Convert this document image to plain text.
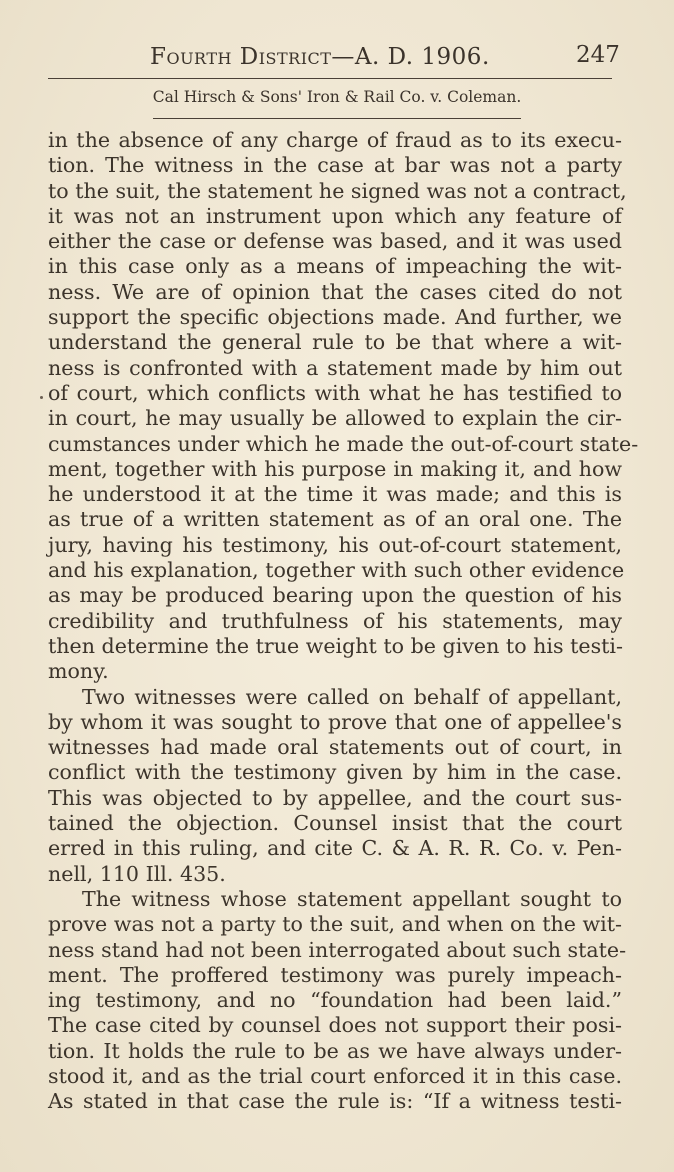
Fourth District—A. D. 1906.	247
Cal Hirsch & Sons' Iron & Rail Co. v. Coleman.
in the absence of any charge of fraud as to its execu-
tion. The witness in the case at bar was not a party
to the suit, the statement he signed was not a contract,
it was not an instrument upon which any feature of
either the case or defense was based, and it was used
in this case only as a means of impeaching the wit-
ness. We are of opinion that the cases cited do not
support the specific objections made. And further, we
understand the general rule to be that where a wit-
ness is confronted with a statement made by him out
of court, which conflicts with what he has testified to
in court, he may usually be allowed to explain the cir-
cumstances under which he made the out-of-court state-
ment, together with his purpose in making it, and how
he understood it at the time it was made; and this is
as true of a written statement as of an oral one. The
jury, having his testimony, his out-of-court statement,
and his explanation, together with such other evidence
as may be produced bearing upon the question of his
credibility and truthfulness of his statements, may
then determine the true weight to be given to his testi-
mony.
Two witnesses were called on behalf of appellant,
by whom it was sought to prove that one of appellee's
witnesses had made oral statements out of court, in
conflict with the testimony given by him in the case.
This was objected to by appellee, and the court sus-
tained the objection. Counsel insist that the court
erred in this ruling, and cite C. & A. R. R. Co. v. Pen-
nell, 110 Ill. 435.
The witness whose statement appellant sought to
prove was not a party to the suit, and when on the wit-
ness stand had not been interrogated about such state-
ment. The proffered testimony was purely impeach-
ing testimony, and no “foundation had been laid.”
The case cited by counsel does not support their posi-
tion. It holds the rule to be as we have always under-
stood it, and as the trial court enforced it in this case.
As stated in that case the rule is: “If a witness testi-
